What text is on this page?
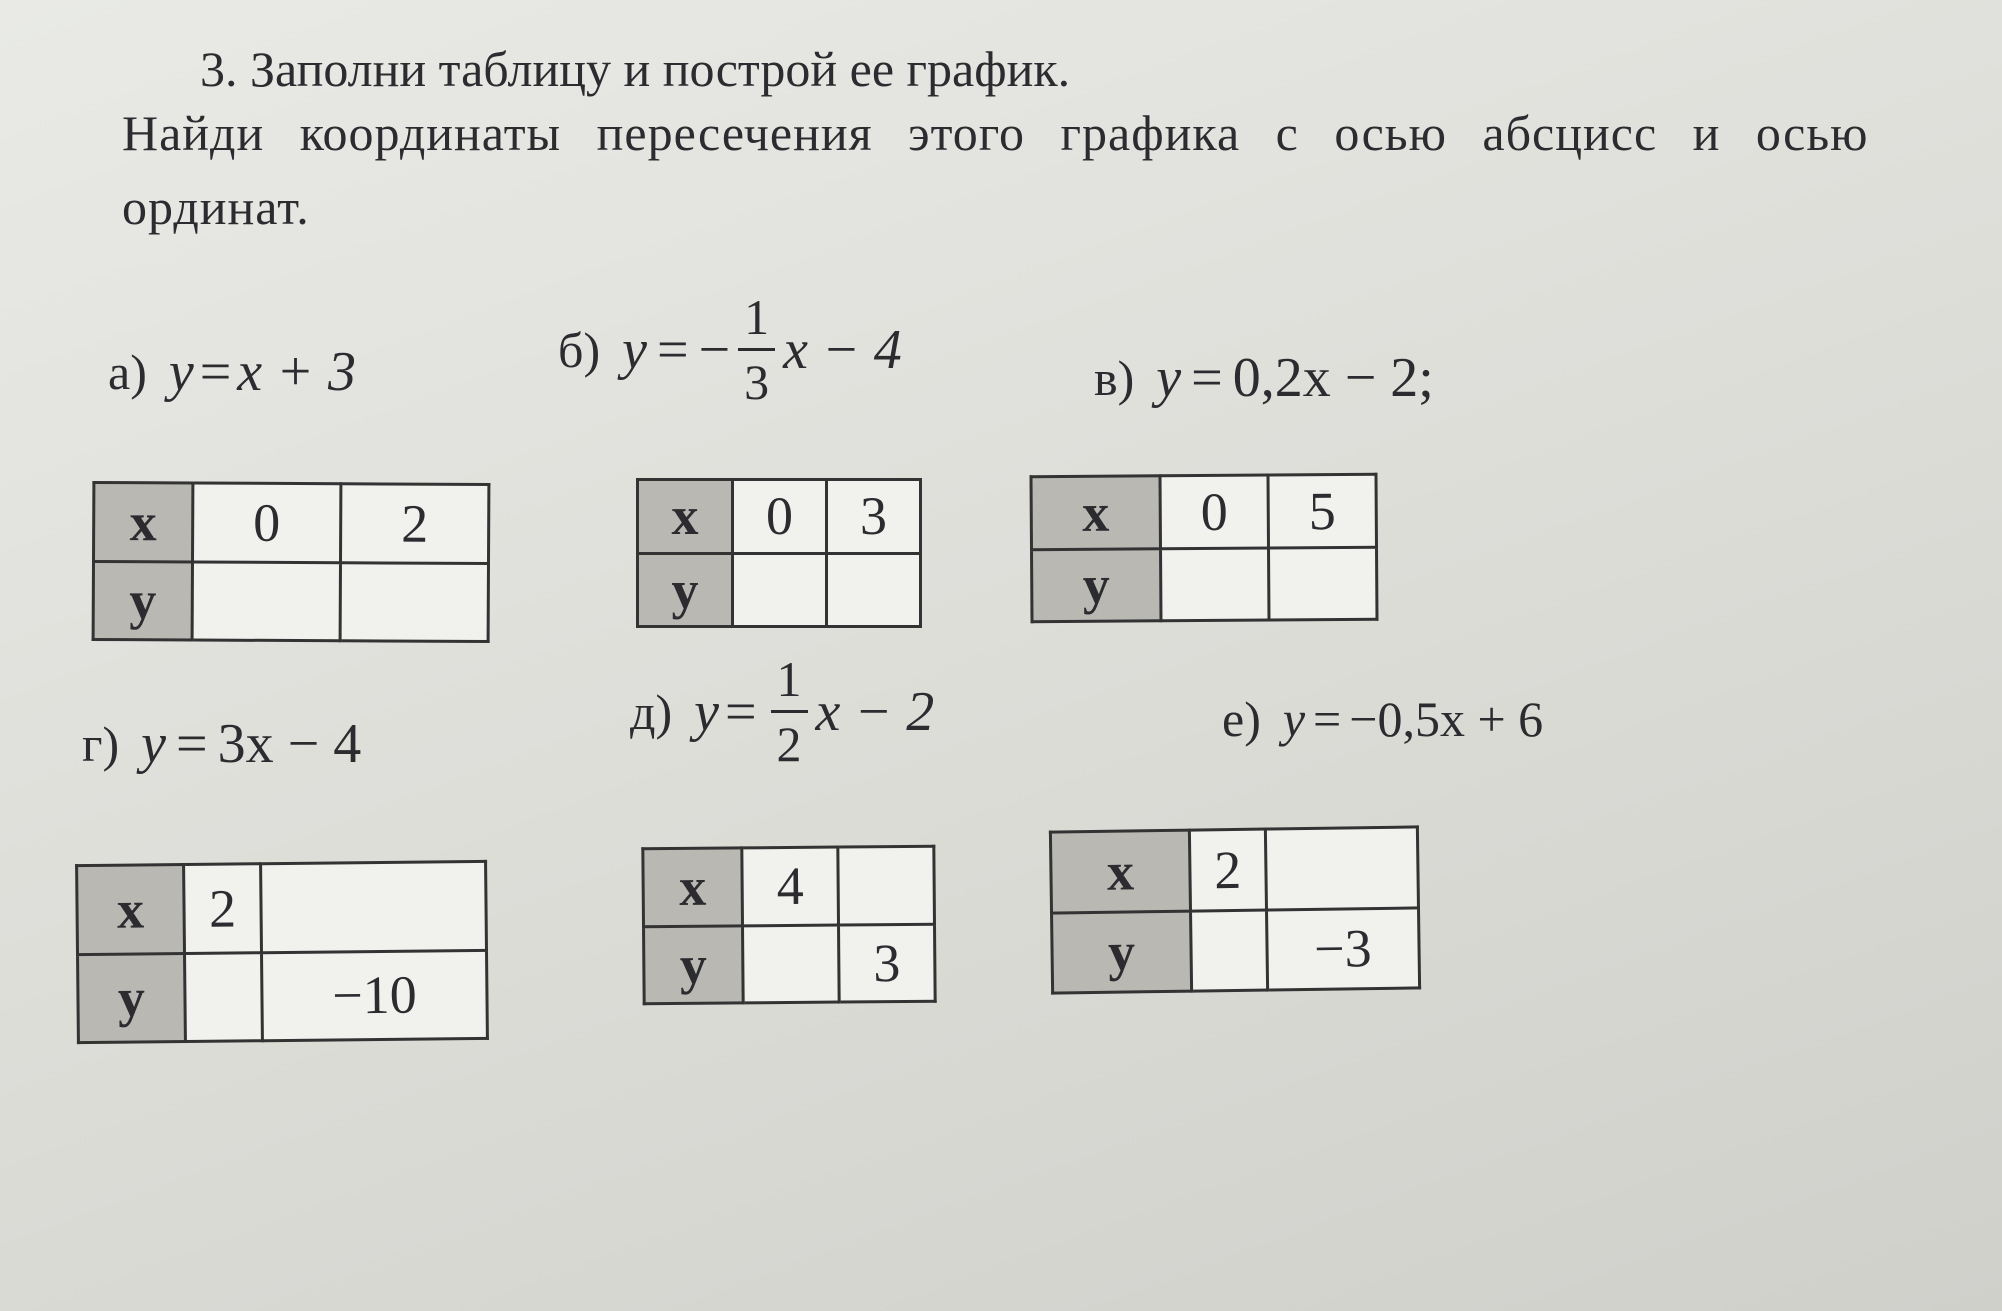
3. Заполни таблицу и построй ее график.
Найди координаты пересечения этого графика с осью абсцисс и осью
ординат.
а) y = x + 3	б) y = − $\frac{1}{3}$ x − 4	в) y = 0,2x − 2;
x	0	2
y		
x	0	3
y		
x	0	5
y		
г) y = 3x − 4
д) $y = \frac{1}{2}$ x − 2	е) y = −0,5x + 6
x	2	
y		−10
x	4	
y		3
x	2	
y		−3
